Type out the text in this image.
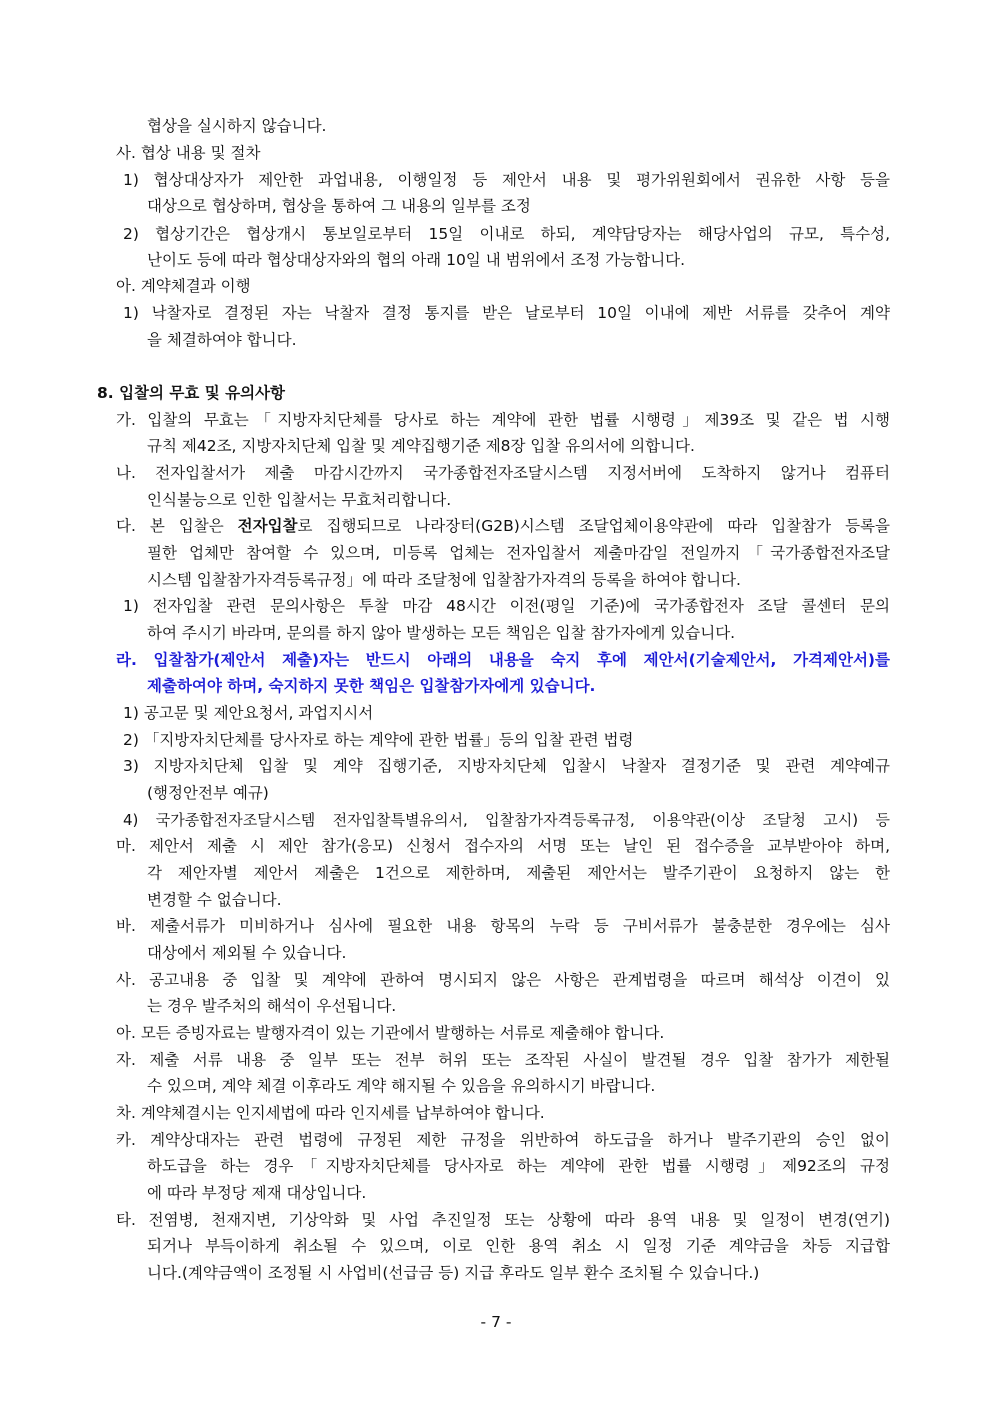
협상을 실시하지 않습니다.
사. 협상 내용 및 절차
1) 협상대상자가 제안한 과업내용, 이행일정 등 제안서 내용 및 평가위원회에서 권유한 사항 등을
대상으로 협상하며, 협상을 통하여 그 내용의 일부를 조정
2) 협상기간은 협상개시 통보일로부터 15일 이내로 하되, 계약담당자는 해당사업의 규모, 특수성,
난이도 등에 따라 협상대상자와의 협의 아래 10일 내 범위에서 조정 가능합니다.
아. 계약체결과 이행
1) 낙찰자로 결정된 자는 낙찰자 결정 통지를 받은 날로부터 10일 이내에 제반 서류를 갖추어 계약
을 체결하여야 합니다.
8. 입찰의 무효 및 유의사항
가. 입찰의 무효는「지방자치단체를 당사로 하는 계약에 관한 법률 시행령」제39조 및 같은 법 시행
규칙 제42조, 지방자치단체 입찰 및 계약집행기준 제8장 입찰 유의서에 의합니다.
나. 전자입찰서가 제출 마감시간까지 국가종합전자조달시스템 지정서버에 도착하지 않거나 컴퓨터
인식불능으로 인한 입찰서는 무효처리합니다.
다. 본 입찰은 전자입찰로 집행되므로 나라장터(G2B)시스템 조달업체이용약관에 따라 입찰참가 등록을
필한 업체만 참여할 수 있으며, 미등록 업체는 전자입찰서 제출마감일 전일까지「국가종합전자조달
시스템 입찰참가자격등록규정」에 따라 조달청에 입찰참가자격의 등록을 하여야 합니다.
1) 전자입찰 관련 문의사항은 투찰 마감 48시간 이전(평일 기준)에 국가종합전자 조달 콜센터 문의
하여 주시기 바라며, 문의를 하지 않아 발생하는 모든 책임은 입찰 참가자에게 있습니다.
라. 입찰참가(제안서 제출)자는 반드시 아래의 내용을 숙지 후에 제안서(기술제안서, 가격제안서)를
제출하여야 하며, 숙지하지 못한 책임은 입찰참가자에게 있습니다.
1) 공고문 및 제안요청서, 과업지시서
2) 「지방자치단체를 당사자로 하는 계약에 관한 법률」등의 입찰 관련 법령
3) 지방자치단체 입찰 및 계약 집행기준, 지방자치단체 입찰시 낙찰자 결정기준 및 관련 계약예규
(행정안전부 예규)
4) 국가종합전자조달시스템 전자입찰특별유의서, 입찰참가자격등록규정, 이용약관(이상 조달청 고시) 등
마. 제안서 제출 시 제안 참가(응모) 신청서 접수자의 서명 또는 날인 된 접수증을 교부받아야 하며,
각 제안자별 제안서 제출은 1건으로 제한하며, 제출된 제안서는 발주기관이 요청하지 않는 한
변경할 수 없습니다.
바. 제출서류가 미비하거나 심사에 필요한 내용 항목의 누락 등 구비서류가 불충분한 경우에는 심사
대상에서 제외될 수 있습니다.
사. 공고내용 중 입찰 및 계약에 관하여 명시되지 않은 사항은 관계법령을 따르며 해석상 이견이 있
는 경우 발주처의 해석이 우선됩니다.
아. 모든 증빙자료는 발행자격이 있는 기관에서 발행하는 서류로 제출해야 합니다.
자. 제출 서류 내용 중 일부 또는 전부 허위 또는 조작된 사실이 발견될 경우 입찰 참가가 제한될
수 있으며, 계약 체결 이후라도 계약 해지될 수 있음을 유의하시기 바랍니다.
차. 계약체결시는 인지세법에 따라 인지세를 납부하여야 합니다.
카. 계약상대자는 관련 법령에 규정된 제한 규정을 위반하여 하도급을 하거나 발주기관의 승인 없이
하도급을 하는 경우「지방자치단체를 당사자로 하는 계약에 관한 법률 시행령」제92조의 규정
에 따라 부정당 제재 대상입니다.
타. 전염병, 천재지변, 기상악화 및 사업 추진일정 또는 상황에 따라 용역 내용 및 일정이 변경(연기)
되거나 부득이하게 취소될 수 있으며, 이로 인한 용역 취소 시 일정 기준 계약금을 차등 지급합
니다.(계약금액이 조정될 시 사업비(선급금 등) 지급 후라도 일부 환수 조치될 수 있습니다.)
- 7 -
